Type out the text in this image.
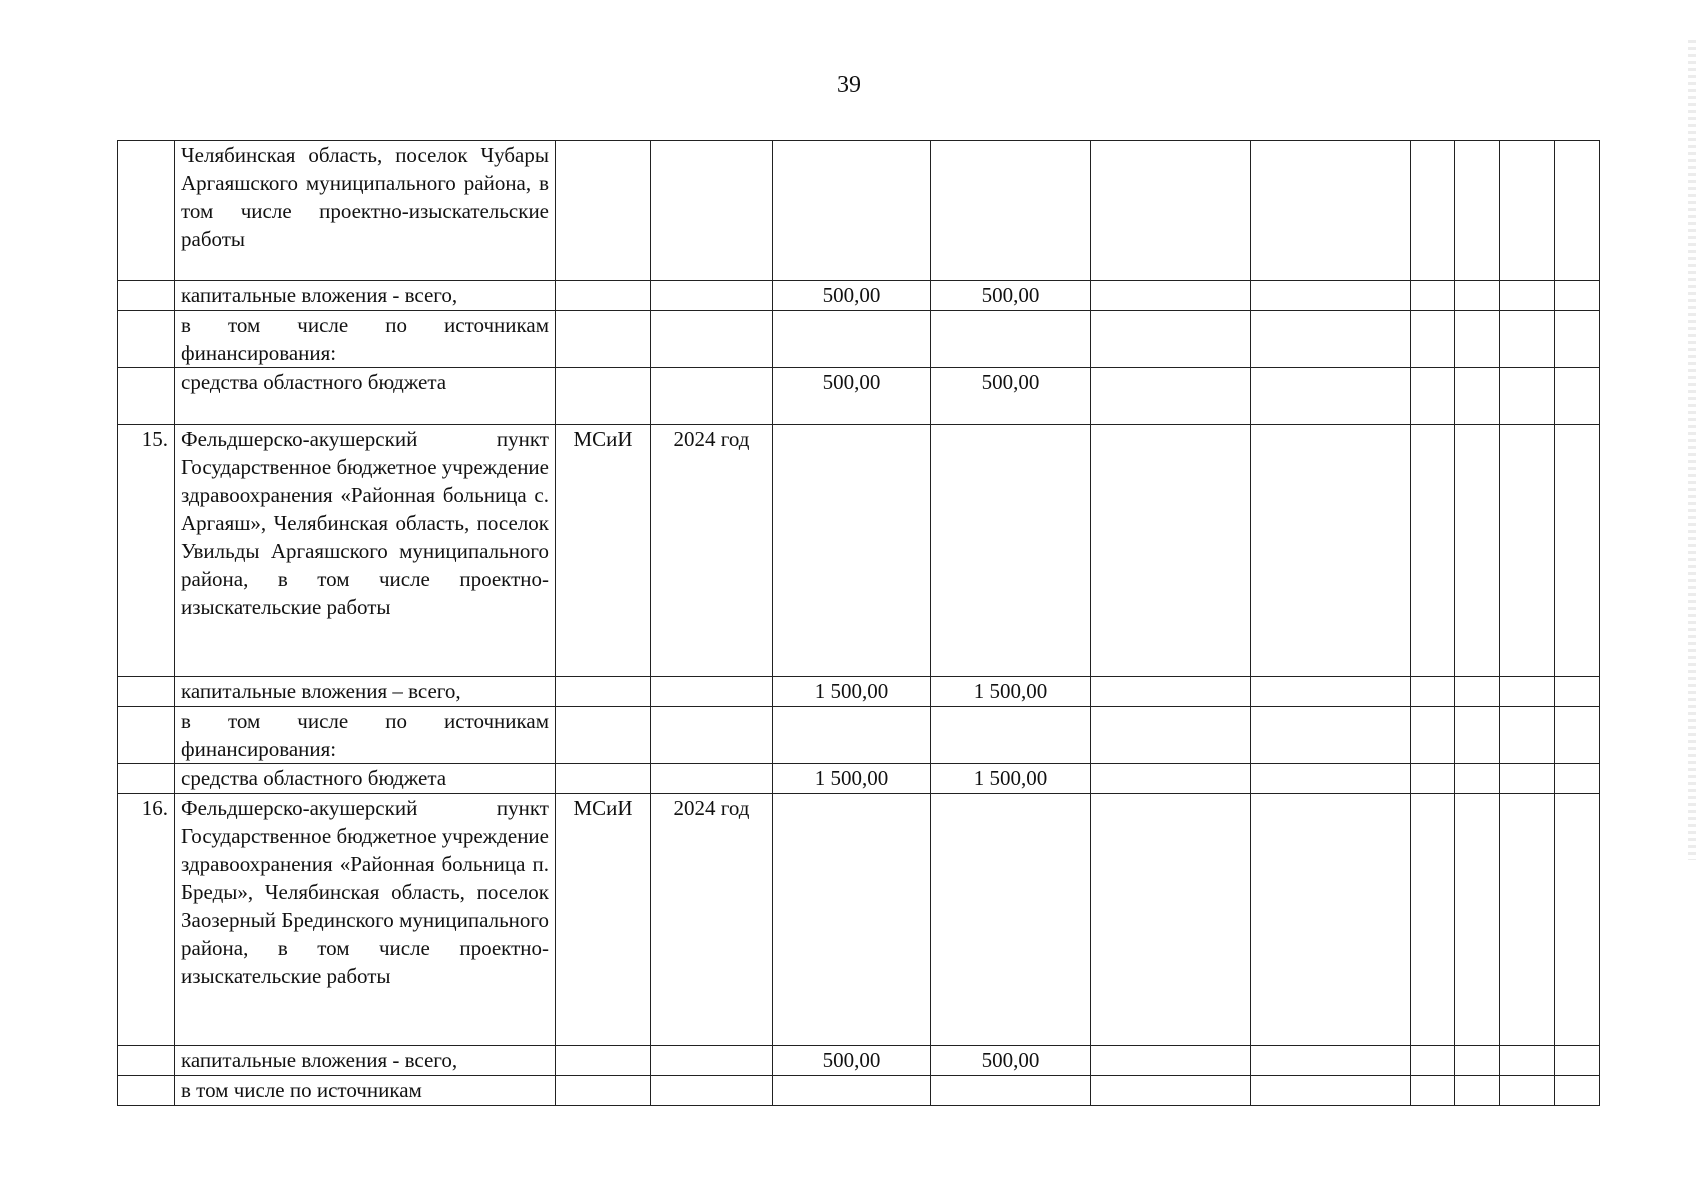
39
	Челябинская область, поселок Чубары Аргаяшского муниципального района, в том числе проектно-изыскательские работы										
	капитальные вложения - всего,			500,00	500,00						
	в том числе по источникам финансирования:										
	средства областного бюджета			500,00	500,00						
15.	Фельдшерско-акушерский пункт Государственное бюджетное учреждение здравоохранения «Районная больница с. Аргаяш», Челябинская область, поселок Увильды Аргаяшского муниципального района, в том числе проектно-изыскательские работы	МСиИ	2024 год								
	капитальные вложения – всего,			1 500,00	1 500,00						
	в том числе по источникам финансирования:										
	средства областного бюджета			1 500,00	1 500,00						
16.	Фельдшерско-акушерский пункт Государственное бюджетное учреждение здравоохранения «Районная больница п. Бреды», Челябинская область, поселок Заозерный Брединского муниципального района, в том числе проектно-изыскательские работы	МСиИ	2024 год								
	капитальные вложения - всего,			500,00	500,00						
	в том числе по источникам										
